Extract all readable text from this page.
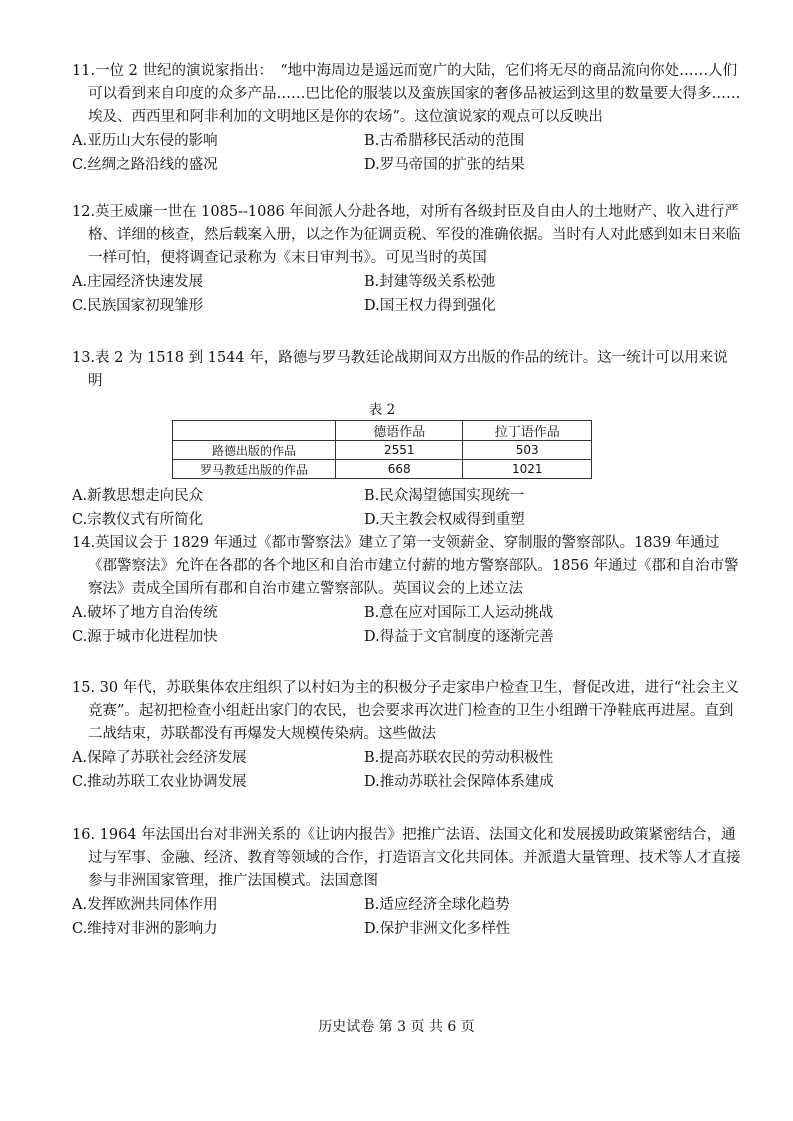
11.一位 2 世纪的演说家指出：　“地中海周边是遥远而宽广的大陆，它们将无尽的商品流向你处……人们可以看到来自印度的众多产品……巴比伦的服装以及蛮族国家的奢侈品被运到这里的数量要大得多……埃及、西西里和阿非利加的文明地区是你的农场”。这位演说家的观点可以反映出
A.亚历山大东侵的影响	B.古希腊移民活动的范围
C.丝绸之路沿线的盛况	D.罗马帝国的扩张的结果
12.英王威廉一世在 1085--1086 年间派人分赴各地，对所有各级封臣及自由人的土地财产、收入进行严格、详细的核查，然后载案入册，以之作为征调贡税、军役的准确依据。当时有人对此感到如末日来临一样可怕，便将调查记录称为《末日审判书》。可见当时的英国
A.庄园经济快速发展	B.封建等级关系松弛
C.民族国家初现雏形	D.国王权力得到强化
13.表 2 为 1518 到 1544 年，路德与罗马教廷论战期间双方出版的作品的统计。这一统计可以用来说明
表 2
	德语作品	拉丁语作品
路德出版的作品	2551	503
罗马教廷出版的作品	668	1021
A.新教思想走向民众	B.民众渴望德国实现统一
C.宗教仪式有所简化	D.天主教会权威得到重塑
14.英国议会于 1829 年通过《都市警察法》建立了第一支领薪金、穿制服的警察部队。1839 年通过《郡警察法》允许在各郡的各个地区和自治市建立付薪的地方警察部队。1856 年通过《郡和自治市警察法》责成全国所有郡和自治市建立警察部队。英国议会的上述立法
A.破坏了地方自治传统	B.意在应对国际工人运动挑战
C.源于城市化进程加快	D.得益于文官制度的逐渐完善
15. 30 年代，苏联集体农庄组织了以村妇为主的积极分子走家串户检查卫生，督促改进，进行“社会主义竞赛”。起初把检查小组赶出家门的农民，也会要求再次进门检查的卫生小组蹭干净鞋底再进屋。直到二战结束，苏联都没有再爆发大规模传染病。这些做法
A.保障了苏联社会经济发展	B.提高苏联农民的劳动积极性
C.推动苏联工农业协调发展	D.推动苏联社会保障体系建成
16. 1964 年法国出台对非洲关系的《让讷内报告》把推广法语、法国文化和发展援助政策紧密结合，通过与军事、金融、经济、教育等领域的合作，打造语言文化共同体。并派遣大量管理、技术等人才直接参与非洲国家管理，推广法国模式。法国意图
A.发挥欧洲共同体作用	B.适应经济全球化趋势
C.维持对非洲的影响力	D.保护非洲文化多样性
历史试卷 第 3 页 共 6 页
